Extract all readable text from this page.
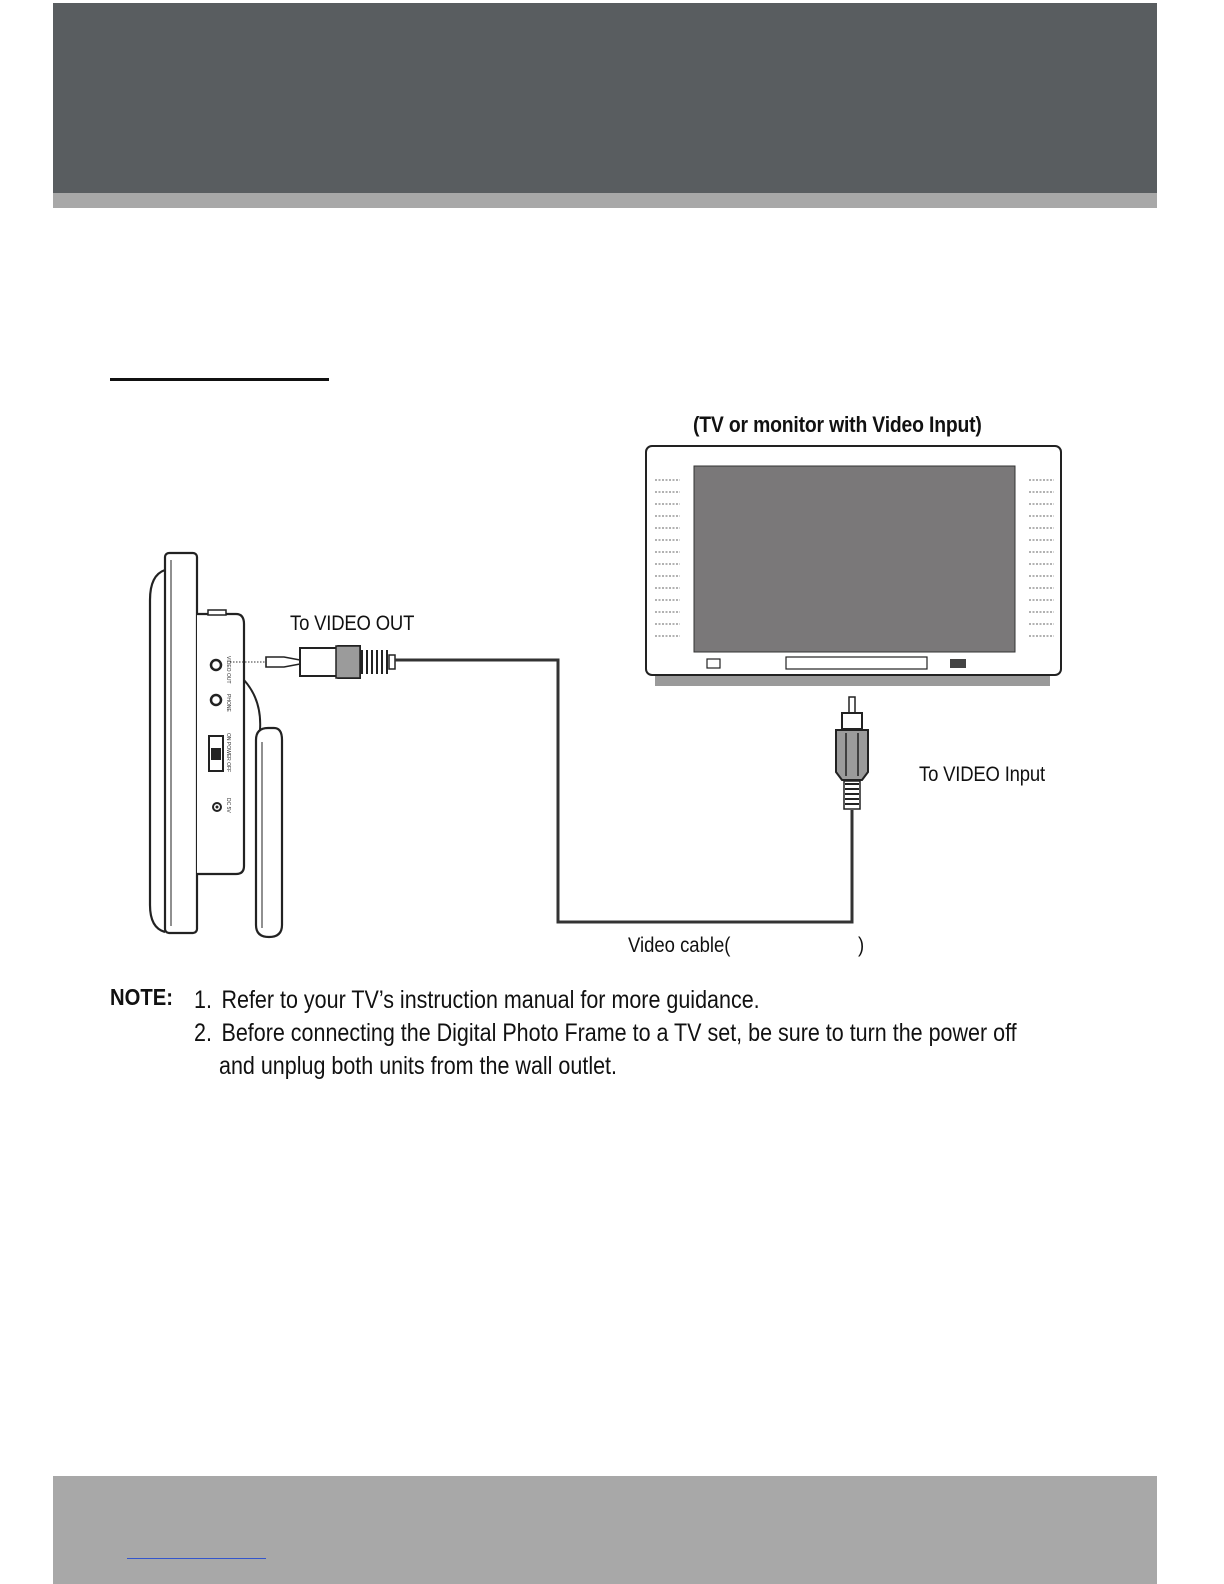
VIDEO OUT
PHONE
ON POWER OFF
DC 5V
(TV or monitor with Video Input)
To VIDEO OUT
To VIDEO Input
Video cable(	)
NOTE: 1. Refer to your TV’s instruction manual for more guidance.
2. Before connecting the Digital Photo Frame to a TV set, be sure to turn the power off
and unplug both units from the wall outlet.
